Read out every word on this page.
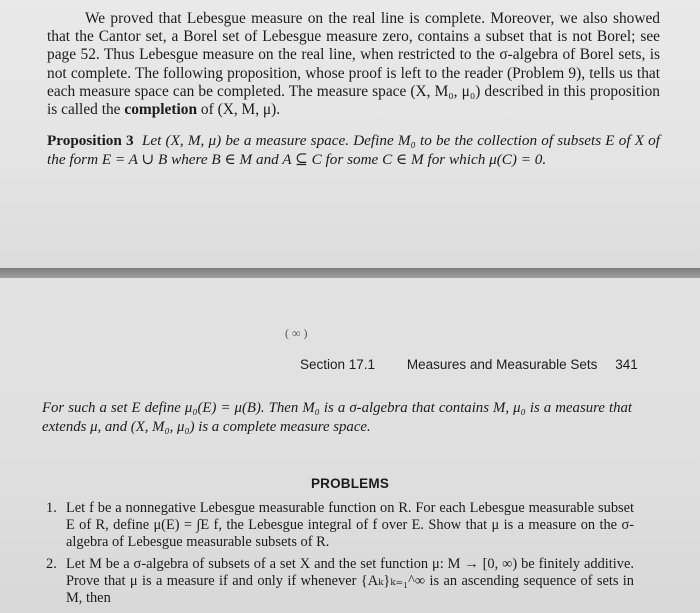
We proved that Lebesgue measure on the real line is complete. Moreover, we also showed that the Cantor set, a Borel set of Lebesgue measure zero, contains a subset that is not Borel; see page 52. Thus Lebesgue measure on the real line, when restricted to the σ-algebra of Borel sets, is not complete. The following proposition, whose proof is left to the reader (Problem 9), tells us that each measure space can be completed. The measure space (X, M₀, μ₀) described in this proposition is called the completion of (X, M, μ).

Proposition 3 Let (X, M, μ) be a measure space. Define M₀ to be the collection of subsets E of X of the form E = A ∪ B where B ∈ M and A ⊆ C for some C ∈ M for which μ(C) = 0.

Section 17.1 Measures and Measurable Sets 341

For such a set E define μ₀(E) = μ(B). Then M₀ is a σ-algebra that contains M, μ₀ is a measure that extends μ, and (X, M₀, μ₀) is a complete measure space.

PROBLEMS
1. Let f be a nonnegative Lebesgue measurable function on R. For each Lebesgue measurable subset E of R, define μ(E) = ∫E f, the Lebesgue integral of f over E. Show that μ is a measure on the σ-algebra of Lebesgue measurable subsets of R.
2. Let M be a σ-algebra of subsets of a set X and the set function μ: M → [0, ∞) be finitely additive. Prove that μ is a measure if and only if whenever {Aₖ}ₖ₌₁^∞ is an ascending sequence of sets in M, then
( ∞ )
